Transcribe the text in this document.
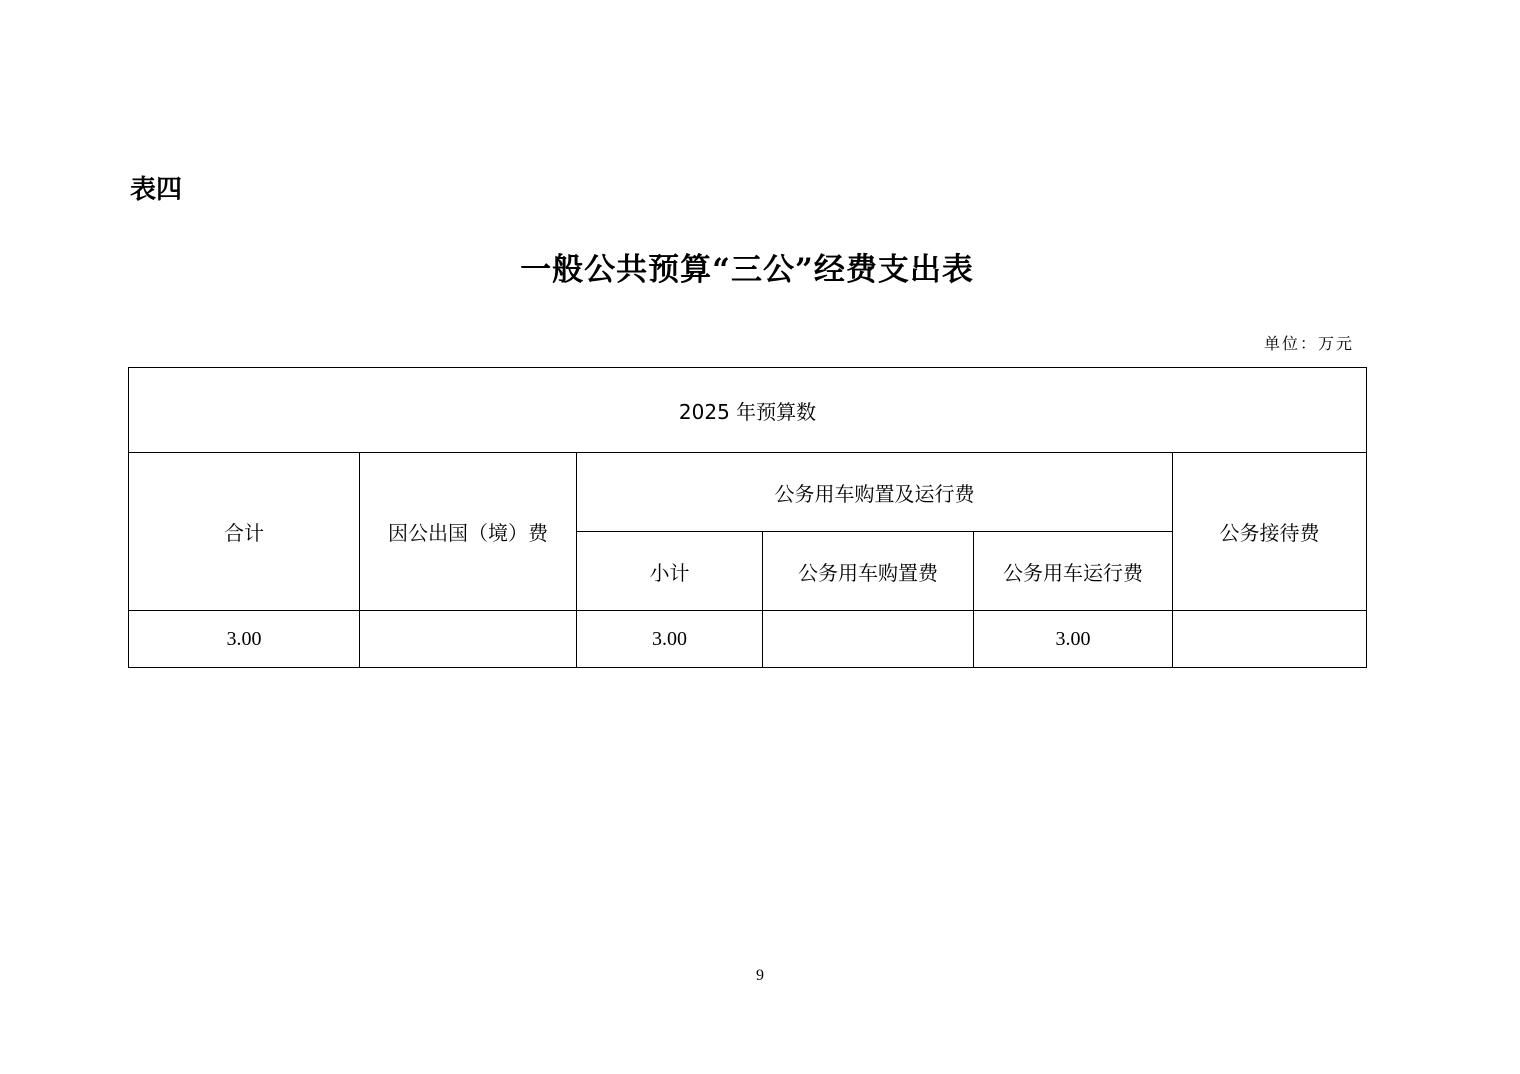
表四
一般公共预算“三公”经费支出表
单位：万元
2025 年预算数					
合计	因公出国（境）费	公务用车购置及运行费			公务接待费
		小计	公务用车购置费	公务用车运行费	
3.00		3.00		3.00	
9
